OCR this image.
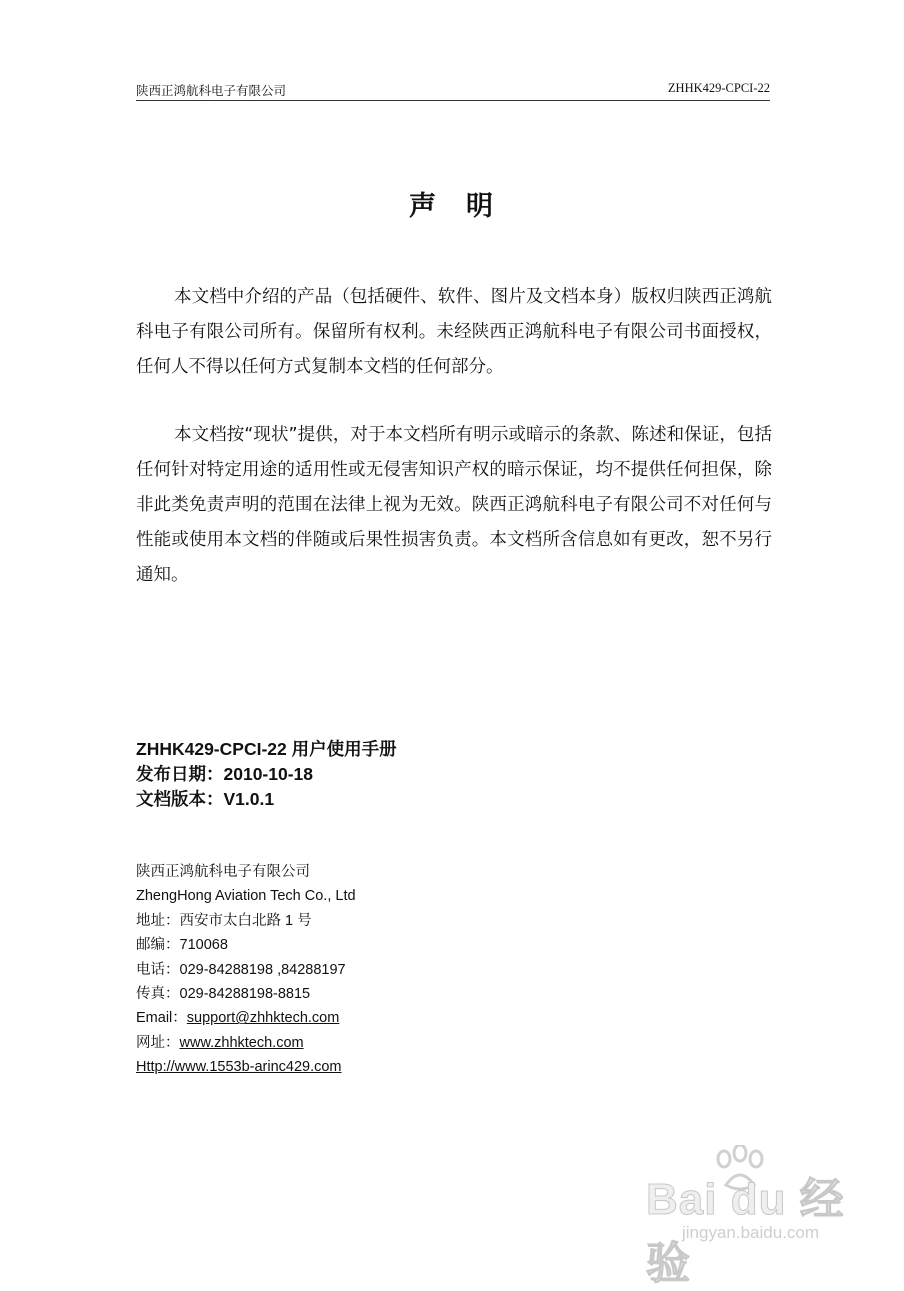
陕西正鸿航科电子有限公司	ZHHK429-CPCI-22
声 明
本文档中介绍的产品（包括硬件、软件、图片及文档本身）版权归陕西正鸿航科电子有限公司所有。保留所有权利。未经陕西正鸿航科电子有限公司书面授权，任何人不得以任何方式复制本文档的任何部分。
本文档按“现状”提供，对于本文档所有明示或暗示的条款、陈述和保证，包括任何针对特定用途的适用性或无侵害知识产权的暗示保证，均不提供任何担保，除非此类免责声明的范围在法律上视为无效。陕西正鸿航科电子有限公司不对任何与性能或使用本文档的伴随或后果性损害负责。本文档所含信息如有更改，恕不另行通知。
ZHHK429-CPCI-22 用户使用手册
发布日期：2010-10-18
文档版本：V1.0.1
陕西正鸿航科电子有限公司
ZhengHong Aviation Tech Co., Ltd
地址：西安市太白北路 1 号
邮编：710068
电话：029-84288198 ,84288197
传真：029-84288198-8815
Email：support@zhhktech.com
网址：www.zhhktech.com
Http://www.1553b-arinc429.com
Bai du 经验
jingyan.baidu.com
